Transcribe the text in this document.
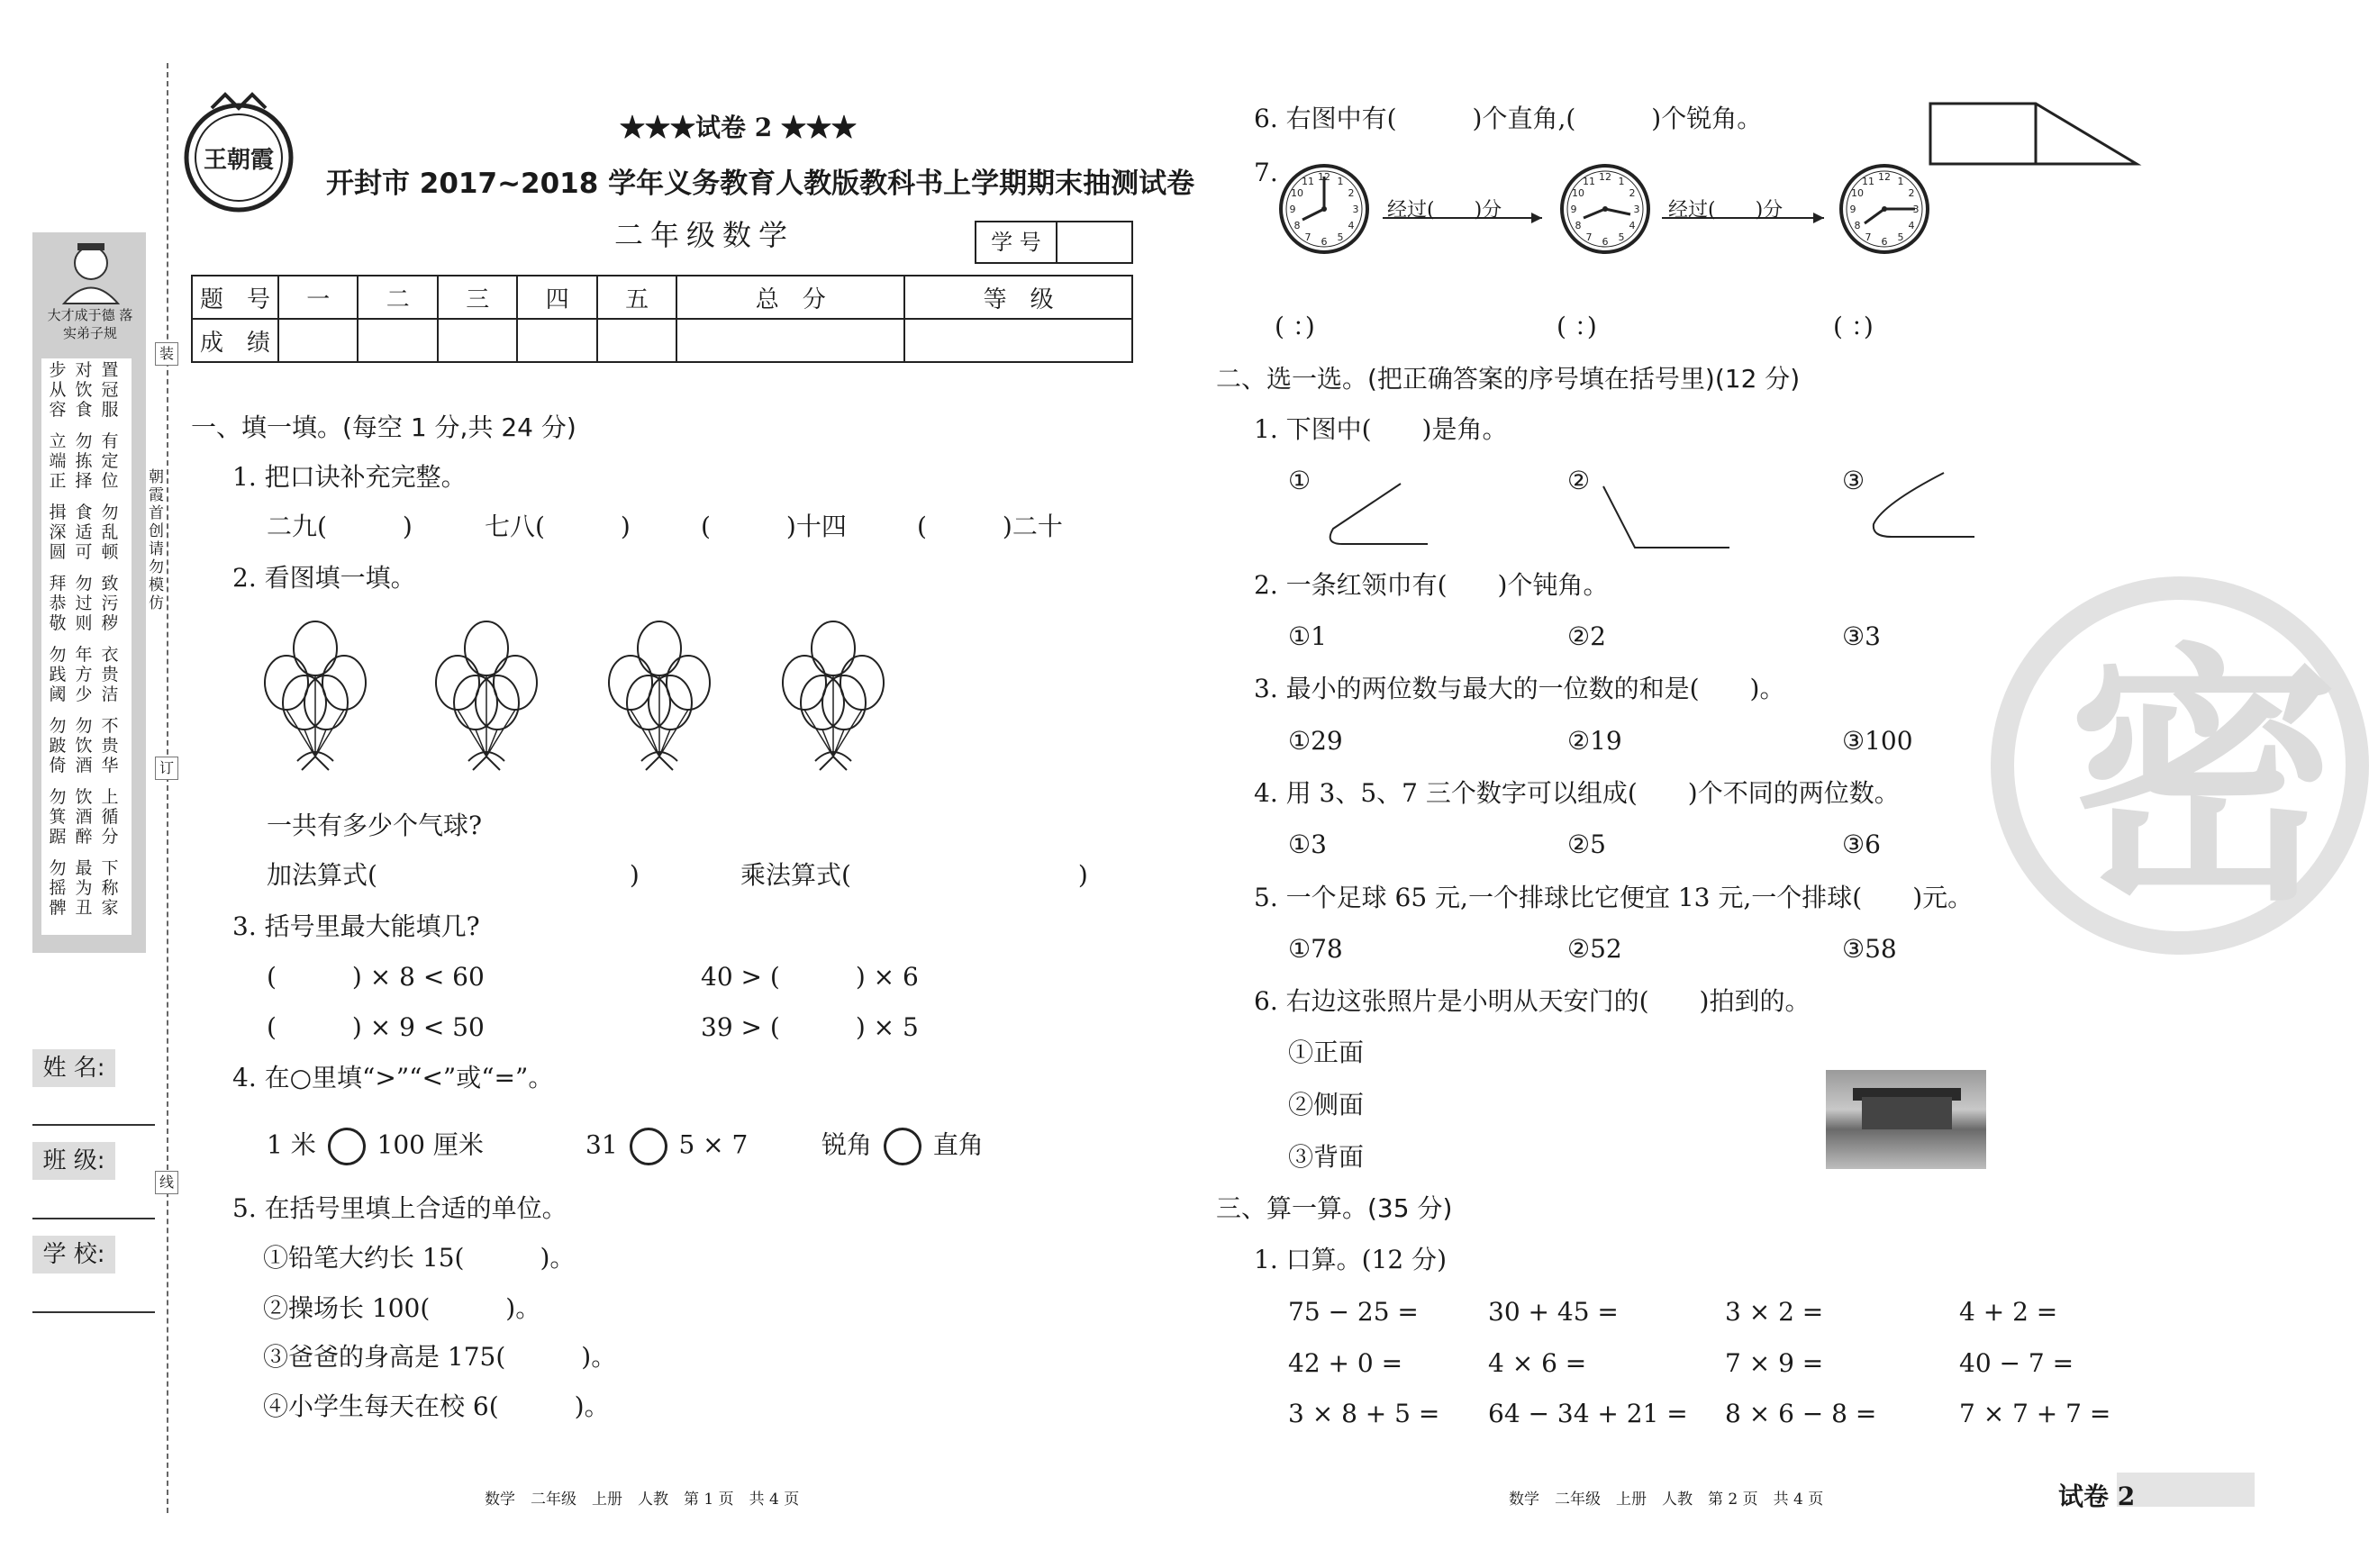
装
订
线
朝霞首创 请勿模仿
大才成于德 落实弟子规
步从容
对饮食
置冠服
立端正
勿拣择
有定位
揖深圆
食适可
勿乱顿
拜恭敬
勿过则
致污秽
勿践阈
年方少
衣贵洁
勿跛倚
勿饮酒
不贵华
勿箕踞
饮酒醉
上循分
勿摇髀
最为丑
下称家
姓 名:
班 级:
学 校:
王朝霞
★★★试卷 2 ★★★
开封市 2017~2018 学年义务教育人教版教科书上学期期末抽测试卷
二年级数学	学 号
题　号	一	二	三	四	五	总　分	等　级
成　绩							
一、填一填。(每空 1 分,共 24 分)
1. 把口诀补充完整。
二九(　　　)	七八(　　　)	(　　　)十四	(　　　)二十
2. 看图填一填。
一共有多少个气球?
加法算式(　　　　　　　　　　)	乘法算式(　　　　　　　　　)
3. 括号里最大能填几?
(　　　) × 8 < 60	40 > (　　　) × 6
(　　　) × 9 < 50	39 > (　　　) × 5
4. 在○里填“>”“<”或“=”。
1 米 100 厘米	31 5 × 7	锐角 直角
5. 在括号里填上合适的单位。
①铅笔大约长 15(　　　)。
②操场长 100(　　　)。
③爸爸的身高是 175(　　　)。
④小学生每天在校 6(　　　)。
数学　二年级　上册　人教　第 1 页　共 4 页
6. 右图中有(　　　)个直角,(　　　)个锐角。
7.
经过(　　)分	经过(　　)分
( ：)	( ：)	( ：)
二、选一选。(把正确答案的序号填在括号里)(12 分)
1. 下图中(　　)是角。
①	②	③
2. 一条红领巾有(　　)个钝角。
①1	②2	③3
3. 最小的两位数与最大的一位数的和是(　　)。
①29	②19	③100
4. 用 3、5、7 三个数字可以组成(　　)个不同的两位数。
①3	②5	③6
5. 一个足球 65 元,一个排球比它便宜 13 元,一个排球(　　)元。
①78	②52	③58
6. 右边这张照片是小明从天安门的(　　)拍到的。
①正面
②侧面
③背面
三、算一算。(35 分)
1. 口算。(12 分)
75 − 25 =	30 + 45 =	3 × 2 =	4 + 2 =
42 + 0 =	4 × 6 =	7 × 9 =	40 − 7 =
3 × 8 + 5 = 64 − 34 + 21 = 8 × 6 − 8 =	7 × 7 + 7 =
数学　二年级　上册　人教　第 2 页　共 4 页	试卷 2
密
